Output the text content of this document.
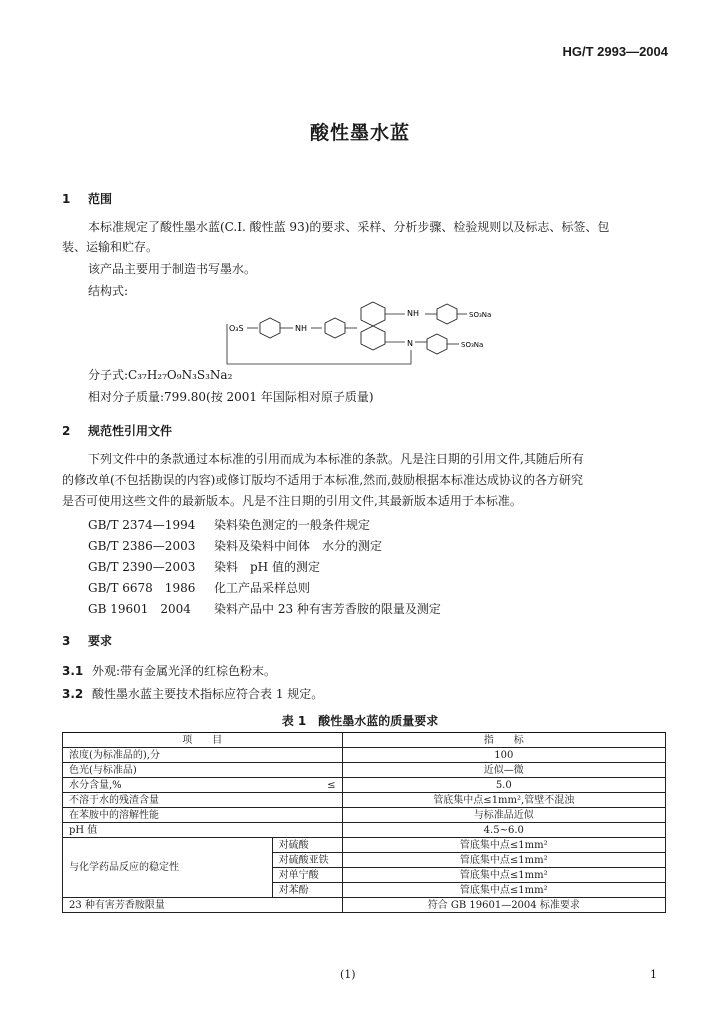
HG/T 2993—2004
酸性墨水蓝
1 范围
本标准规定了酸性墨水蓝(C.I. 酸性蓝 93)的要求、采样、分析步骤、检验规则以及标志、标签、包
装、运输和贮存。
该产品主要用于制造书写墨水。
结构式:
O₃S	NH
NH	SO₃Na
N	SO₃Na
分子式:C₃₇H₂₇O₉N₃S₃Na₂
相对分子质量:799.80(按 2001 年国际相对原子质量)
2 规范性引用文件
下列文件中的条款通过本标准的引用而成为本标准的条款。凡是注日期的引用文件,其随后所有
的修改单(不包括勘误的内容)或修订版均不适用于本标准,然而,鼓励根据本标准达成协议的各方研究
是否可使用这些文件的最新版本。凡是不注日期的引用文件,其最新版本适用于本标准。
GB/T 2374—1994 染料染色测定的一般条件规定
GB/T 2386—2003 染料及染料中间体　水分的测定
GB/T 2390—2003 染料　pH 值的测定
GB/T 6678　1986 化工产品采样总则
GB 19601　2004 染料产品中 23 种有害芳香胺的限量及测定
3 要求
3.1 外观:带有金属光泽的红棕色粉末。
3.2 酸性墨水蓝主要技术指标应符合表 1 规定。
表 1　酸性墨水蓝的质量要求
项　　目		指　　标
浓度(为标准品的),分		100
色光(与标准品)		近似—微
水分含量,% ≤		5.0
不溶于水的残渣含量		管底集中点≤1mm²,管壁不混浊
在苯胺中的溶解性能		与标准品近似
pH 值		4.5~6.0
与化学药品反应的稳定性	对硫酸	管底集中点≤1mm²
	对硫酸亚铁	管底集中点≤1mm²
	对单宁酸	管底集中点≤1mm²
	对苯酚	管底集中点≤1mm²
23 种有害芳香胺限量		符合 GB 19601—2004 标准要求
(1)	1
